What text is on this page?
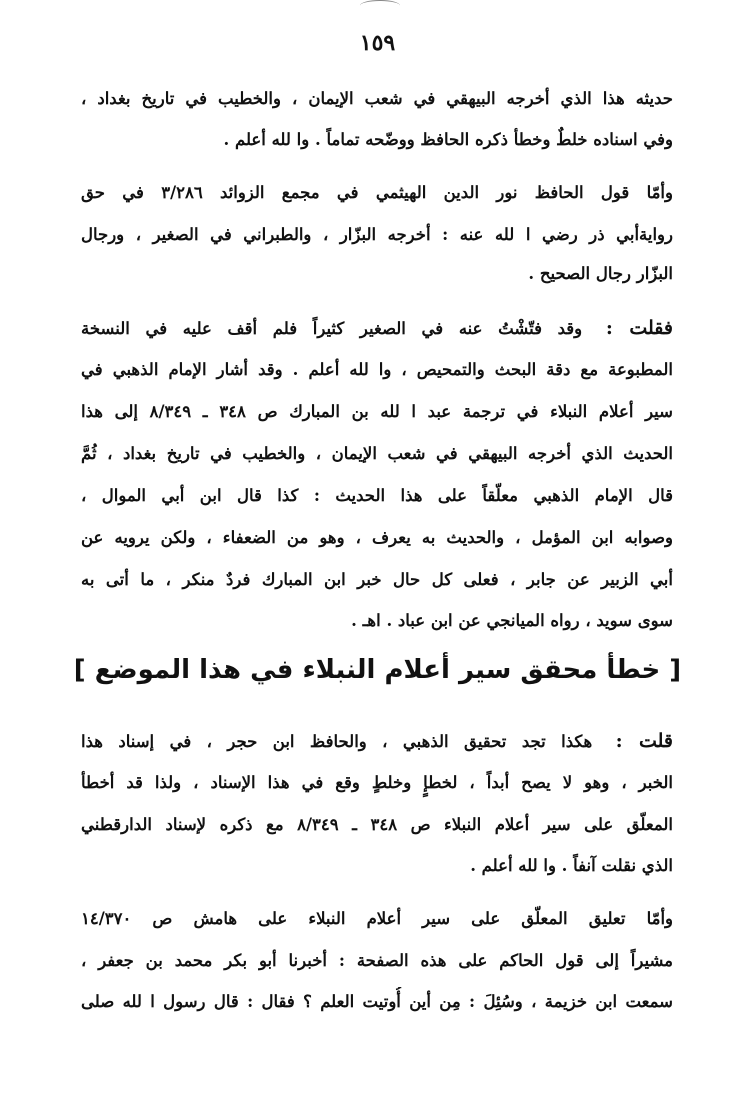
١٥٩
حديثه هذا الذي أخرجه البيهقي في شعب الإيمان ، والخطيب في تاريخ بغداد ،
وفي اسناده خلطٌ وخطأ ذكره الحافظ ووضّحه تماماً . وا لله أعلم .
وأمّا قول الحافظ نور الدين الهيثمي في مجمع الزوائد ٣/٢٨٦ في حق
روايةأبي ذر رضي ا لله عنه : أخرجه البزّار ، والطبراني في الصغير ، ورجال
البزّار رجال الصحيح .
فقلت : وقد فتّشْتُ عنه في الصغير كثيراً فلم أقف عليه في النسخة
المطبوعة مع دقة البحث والتمحيص ، وا لله أعلم . وقد أشار الإمام الذهبي في
سير أعلام النبلاء في ترجمة عبد ا لله بن المبارك ص ٣٤٨ ـ ٨/٣٤٩ إلى هذا
الحديث الذي أخرجه البيهقي في شعب الإيمان ، والخطيب في تاريخ بغداد ، ثُمَّ
قال الإمام الذهبي معلّقاً على هذا الحديث : كذا قال ابن أبي الموال ،
وصوابه ابن المؤمل ، والحديث به يعرف ، وهو من الضعفاء ، ولكن يرويه عن
أبي الزبير عن جابر ، فعلى كل حال خبر ابن المبارك فردٌ منكر ، ما أتى به
سوى سويد ، رواه الميانجي عن ابن عباد . اهـ .
[ خطأ محقق سير أعلام النبلاء في هذا الموضع ]
قلت : هكذا تجد تحقيق الذهبي ، والحافظ ابن حجر ، في إسناد هذا
الخبر ، وهو لا يصح أبداً ، لخطإٍ وخلطٍ وقع في هذا الإسناد ، ولذا قد أخطأ
المعلّق على سير أعلام النبلاء ص ٣٤٨ ـ ٨/٣٤٩ مع ذكره لإسناد الدارقطني
الذي نقلت آنفاً . وا لله أعلم .
وأمّا تعليق المعلّق على سير أعلام النبلاء على هامش ص ١٤/٣٧٠
مشيراً إلى قول الحاكم على هذه الصفحة : أخبرنا أبو بكر محمد بن جعفر ،
سمعت ابن خزيمة ، وسُئِلَ : مِن أين أُوتيت العلم ؟ فقال : قال رسول ا لله صلى
